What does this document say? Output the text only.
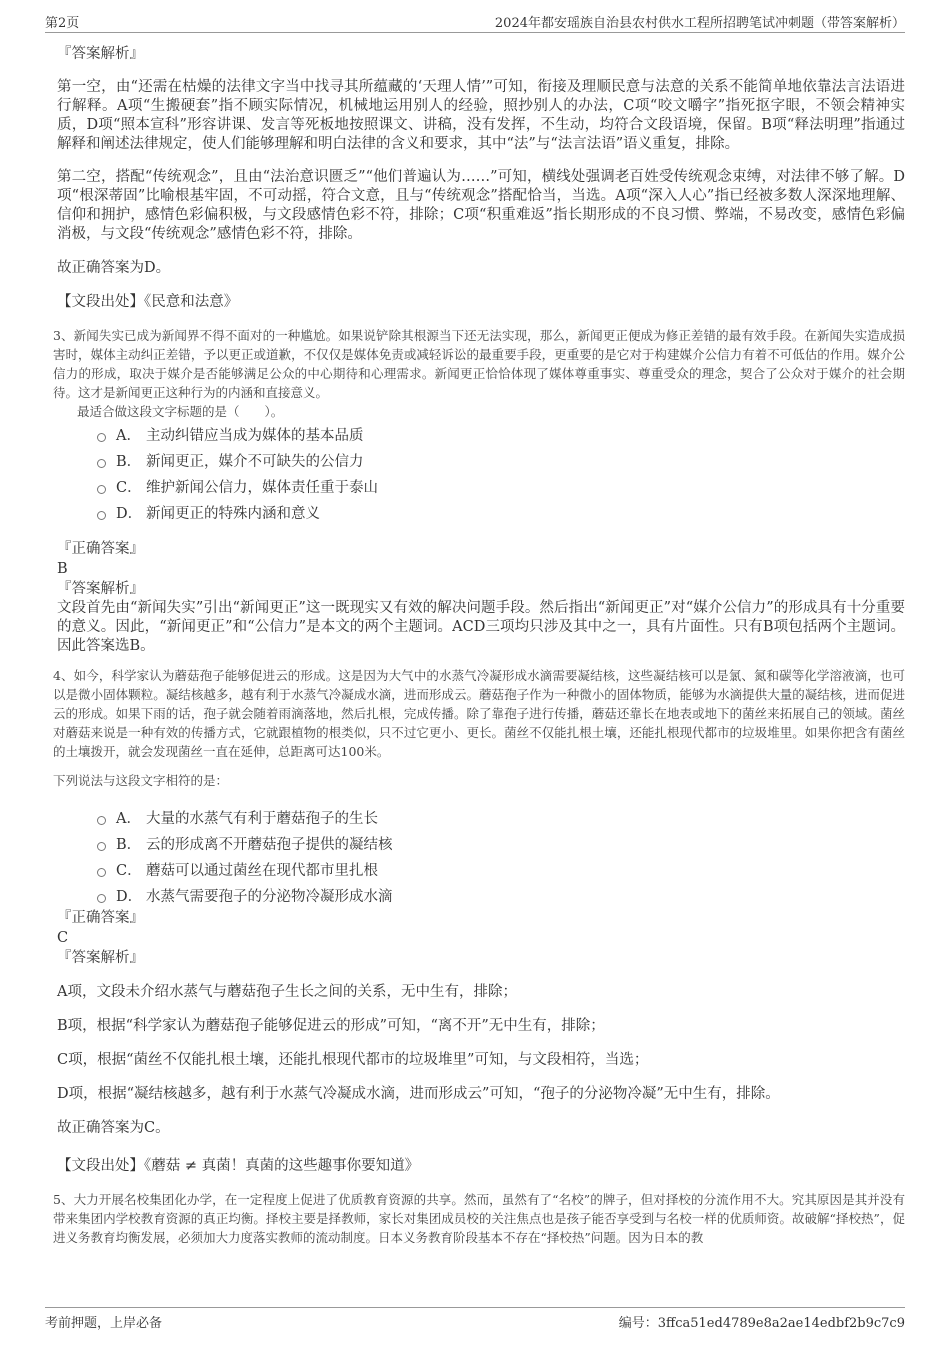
第2页	2024年都安瑶族自治县农村供水工程所招聘笔试冲刺题（带答案解析）

『答案解析』

第一空，由“还需在枯燥的法律文字当中找寻其所蕴藏的‘天理人情’”可知，衔接及理顺民意与法意的关系不能简单地依靠法言法语进行解释。A项“生搬硬套”指不顾实际情况，机械地运用别人的经验，照抄别人的办法，C项“咬文嚼字”指死抠字眼，不领会精神实质，D项“照本宣科”形容讲课、发言等死板地按照课文、讲稿，没有发挥，不生动，均符合文段语境，保留。B项“释法明理”指通过解释和阐述法律规定，使人们能够理解和明白法律的含义和要求，其中“法”与“法言法语”语义重复，排除。

第二空，搭配“传统观念”，且由“法治意识匮乏”“他们普遍认为……”可知，横线处强调老百姓受传统观念束缚，对法律不够了解。D项“根深蒂固”比喻根基牢固，不可动摇，符合文意，且与“传统观念”搭配恰当，当选。A项“深入人心”指已经被多数人深深地理解、信仰和拥护，感情色彩偏积极，与文段感情色彩不符，排除；C项“积重难返”指长期形成的不良习惯、弊端，不易改变，感情色彩偏消极，与文段“传统观念”感情色彩不符，排除。

故正确答案为D。

【文段出处】《民意和法意》

3、新闻失实已成为新闻界不得不面对的一种尴尬。如果说铲除其根源当下还无法实现，那么，新闻更正便成为修正差错的最有效手段。在新闻失实造成损害时，媒体主动纠正差错，予以更正或道歉，不仅仅是媒体免责或减轻诉讼的最重要手段，更重要的是它对于构建媒介公信力有着不可低估的作用。媒介公信力的形成，取决于媒介是否能够满足公众的中心期待和心理需求。新闻更正恰恰体现了媒体尊重事实、尊重受众的理念，契合了公众对于媒介的社会期待。这才是新闻更正这种行为的内涵和直接意义。

最适合做这段文字标题的是（　　）。

A． 主动纠错应当成为媒体的基本品质
B． 新闻更正，媒介不可缺失的公信力
C． 维护新闻公信力，媒体责任重于泰山
D． 新闻更正的特殊内涵和意义

『正确答案』

B

『答案解析』

文段首先由“新闻失实”引出“新闻更正”这一既现实又有效的解决问题手段。然后指出“新闻更正”对“媒介公信力”的形成具有十分重要的意义。因此，“新闻更正”和“公信力”是本文的两个主题词。ACD三项均只涉及其中之一，具有片面性。只有B项包括两个主题词。因此答案选B。

4、如今，科学家认为蘑菇孢子能够促进云的形成。这是因为大气中的水蒸气冷凝形成水滴需要凝结核，这些凝结核可以是氯、氮和碳等化学溶液滴，也可以是微小固体颗粒。凝结核越多，越有利于水蒸气冷凝成水滴，进而形成云。蘑菇孢子作为一种微小的固体物质，能够为水滴提供大量的凝结核，进而促进云的形成。如果下雨的话，孢子就会随着雨滴落地，然后扎根，完成传播。除了靠孢子进行传播，蘑菇还靠长在地表或地下的菌丝来拓展自己的领域。菌丝对蘑菇来说是一种有效的传播方式，它就跟植物的根类似，只不过它更小、更长。菌丝不仅能扎根土壤，还能扎根现代都市的垃圾堆里。如果你把含有菌丝的土壤拨开，就会发现菌丝一直在延伸，总距离可达100米。

下列说法与这段文字相符的是：

A． 大量的水蒸气有利于蘑菇孢子的生长
B． 云的形成离不开蘑菇孢子提供的凝结核
C． 蘑菇可以通过菌丝在现代都市里扎根
D． 水蒸气需要孢子的分泌物冷凝形成水滴

『正确答案』

C

『答案解析』

A项，文段未介绍水蒸气与蘑菇孢子生长之间的关系，无中生有，排除；

B项，根据“科学家认为蘑菇孢子能够促进云的形成”可知，“离不开”无中生有，排除；

C项，根据“菌丝不仅能扎根土壤，还能扎根现代都市的垃圾堆里”可知，与文段相符，当选；

D项，根据“凝结核越多，越有利于水蒸气冷凝成水滴，进而形成云”可知，“孢子的分泌物冷凝”无中生有，排除。

故正确答案为C。

【文段出处】《蘑菇 ≠ 真菌！真菌的这些趣事你要知道》

5、大力开展名校集团化办学，在一定程度上促进了优质教育资源的共享。然而，虽然有了“名校”的牌子，但对择校的分流作用不大。究其原因是其并没有带来集团内学校教育资源的真正均衡。择校主要是择教师，家长对集团成员校的关注焦点也是孩子能否享受到与名校一样的优质师资。故破解“择校热”，促进义务教育均衡发展，必须加大力度落实教师的流动制度。日本义务教育阶段基本不存在“择校热”问题。因为日本的教

考前押题，上岸必备	编号：3ffca51ed4789e8a2ae14edbf2b9c7c9
